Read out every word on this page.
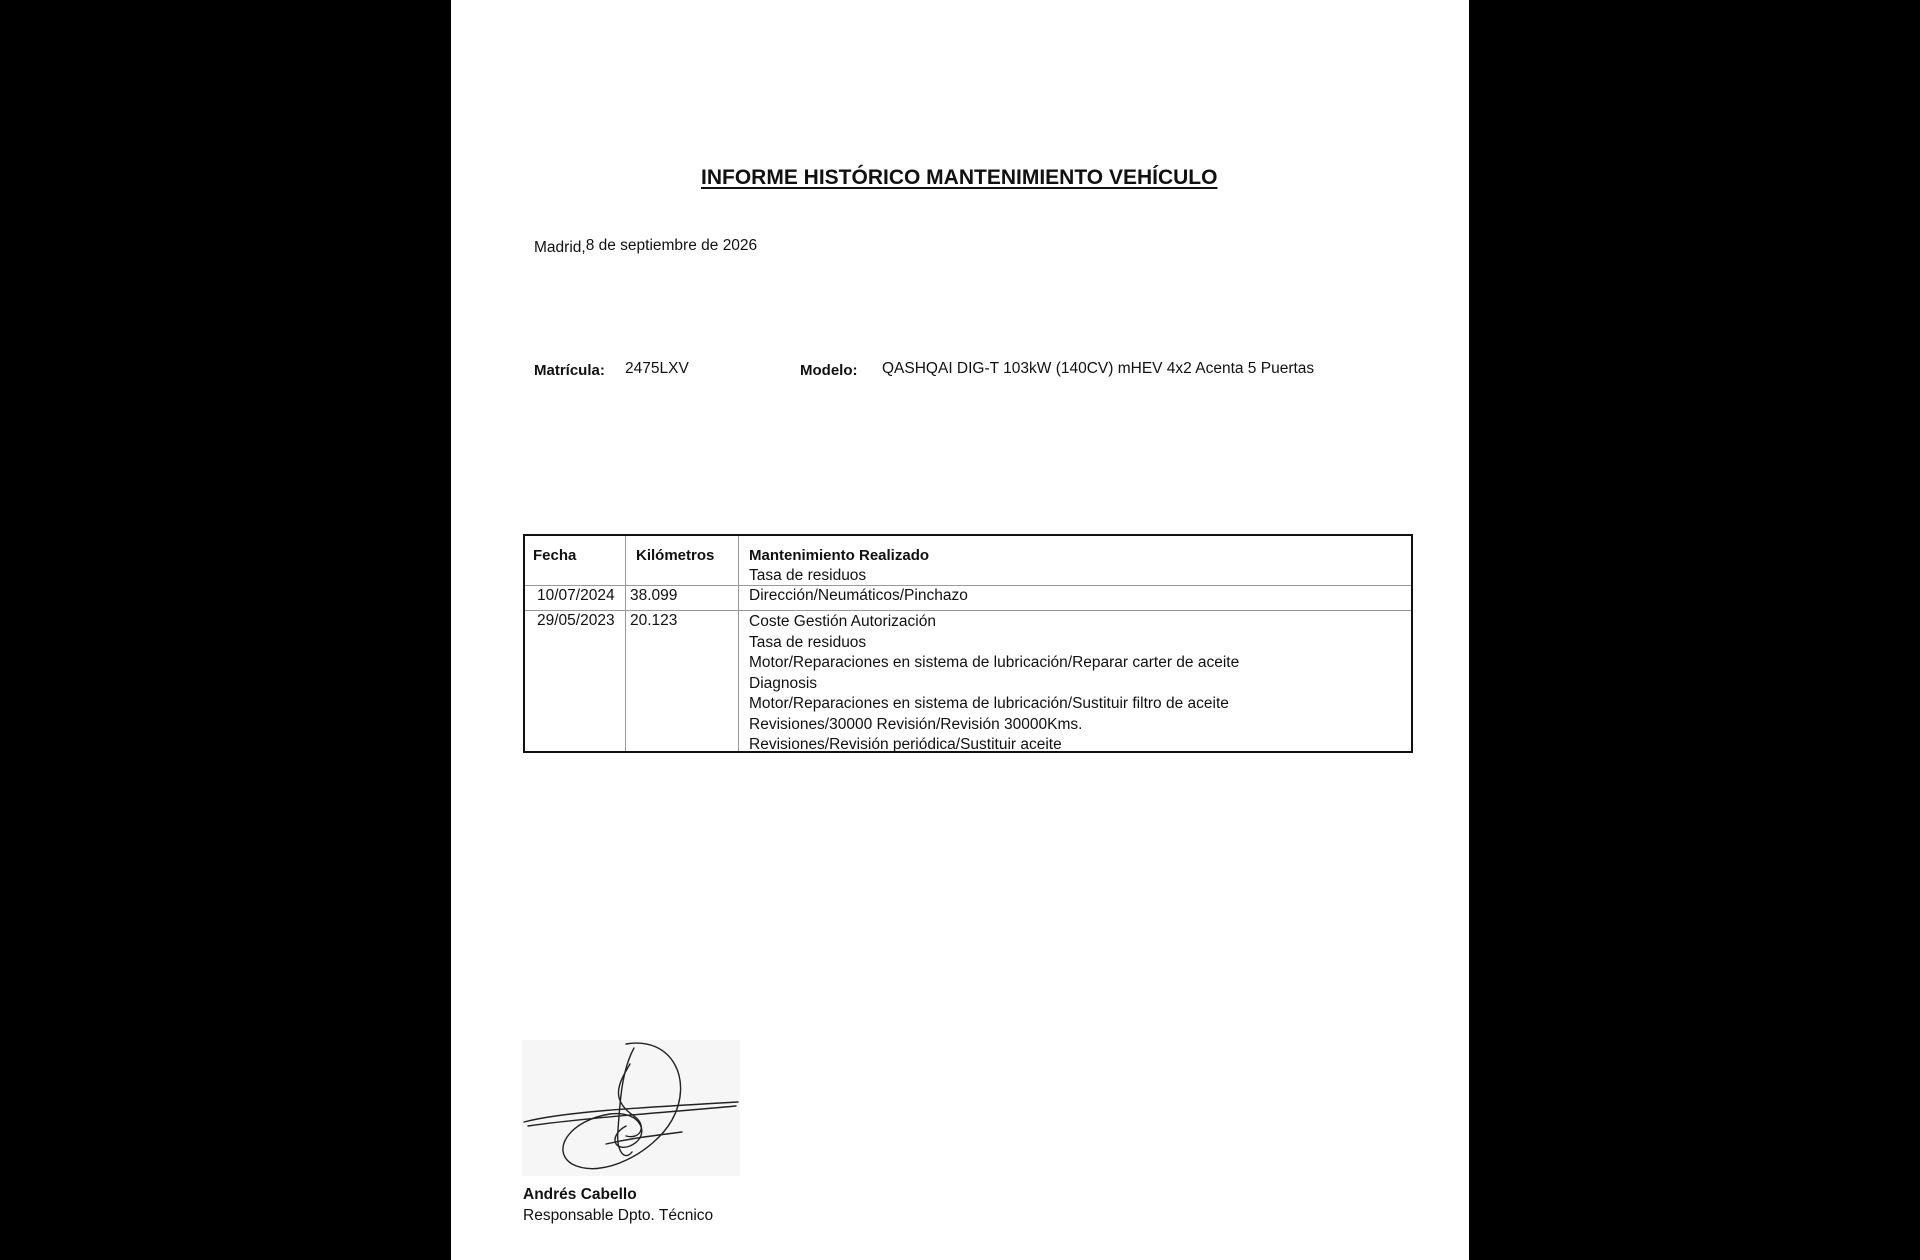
INFORME HISTÓRICO MANTENIMIENTO VEHÍCULO
Madrid,8 de septiembre de 2026
Matrícula: 2475LXV	Modelo: QASHQAI DIG-T 103kW (140CV) mHEV 4x2 Acenta 5 Puertas
Fecha	Kilómetros Mantenimiento Realizado
Tasa de residuos
10/07/2024 38.099	Dirección/Neumáticos/Pinchazo
29/05/2023 20.123	Coste Gestión Autorización
Tasa de residuos
Motor/Reparaciones en sistema de lubricación/Reparar carter de aceite
Diagnosis
Motor/Reparaciones en sistema de lubricación/Sustituir filtro de aceite
Revisiones/30000 Revisión/Revisión 30000Kms.
Revisiones/Revisión periódica/Sustituir aceite
Andrés Cabello
Responsable Dpto. Técnico
